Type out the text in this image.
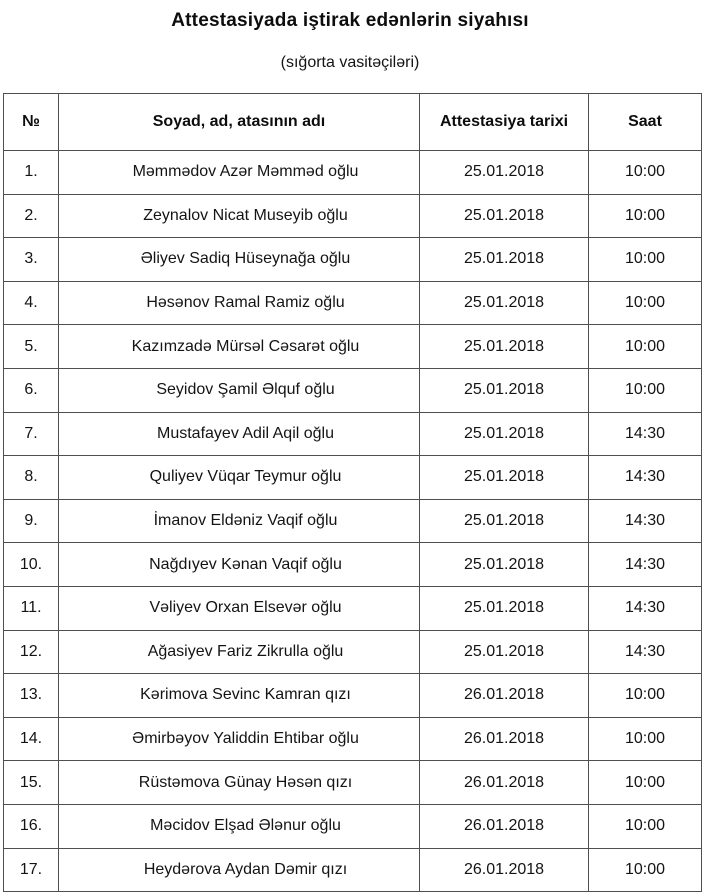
Attestasiyada iştirak edənlərin siyahısı
(sığorta vasitəçiləri)
№	Soyad, ad, atasının adı	Attestasiya tarixi	Saat
1.	Məmmədov Azər Məmməd oğlu	25.01.2018	10:00
2.	Zeynalov Nicat Museyib oğlu	25.01.2018	10:00
3.	Əliyev Sadiq Hüseynağa oğlu	25.01.2018	10:00
4.	Həsənov Ramal Ramiz oğlu	25.01.2018	10:00
5.	Kazımzadə Mürsəl Cəsarət oğlu	25.01.2018	10:00
6.	Seyidov Şamil Əlquf oğlu	25.01.2018	10:00
7.	Mustafayev Adil Aqil oğlu	25.01.2018	14:30
8.	Quliyev Vüqar Teymur oğlu	25.01.2018	14:30
9.	İmanov Eldəniz Vaqif oğlu	25.01.2018	14:30
10.	Nağdıyev Kənan Vaqif oğlu	25.01.2018	14:30
11.	Vəliyev Orxan Elsevər oğlu	25.01.2018	14:30
12.	Ağasiyev Fariz Zikrulla oğlu	25.01.2018	14:30
13.	Kərimova Sevinc Kamran qızı	26.01.2018	10:00
14.	Əmirbəyov Yaliddin Ehtibar oğlu	26.01.2018	10:00
15.	Rüstəmova Günay Həsən qızı	26.01.2018	10:00
16.	Məcidov Elşad Ələnur oğlu	26.01.2018	10:00
17.	Heydərova Aydan Dəmir qızı	26.01.2018	10:00
